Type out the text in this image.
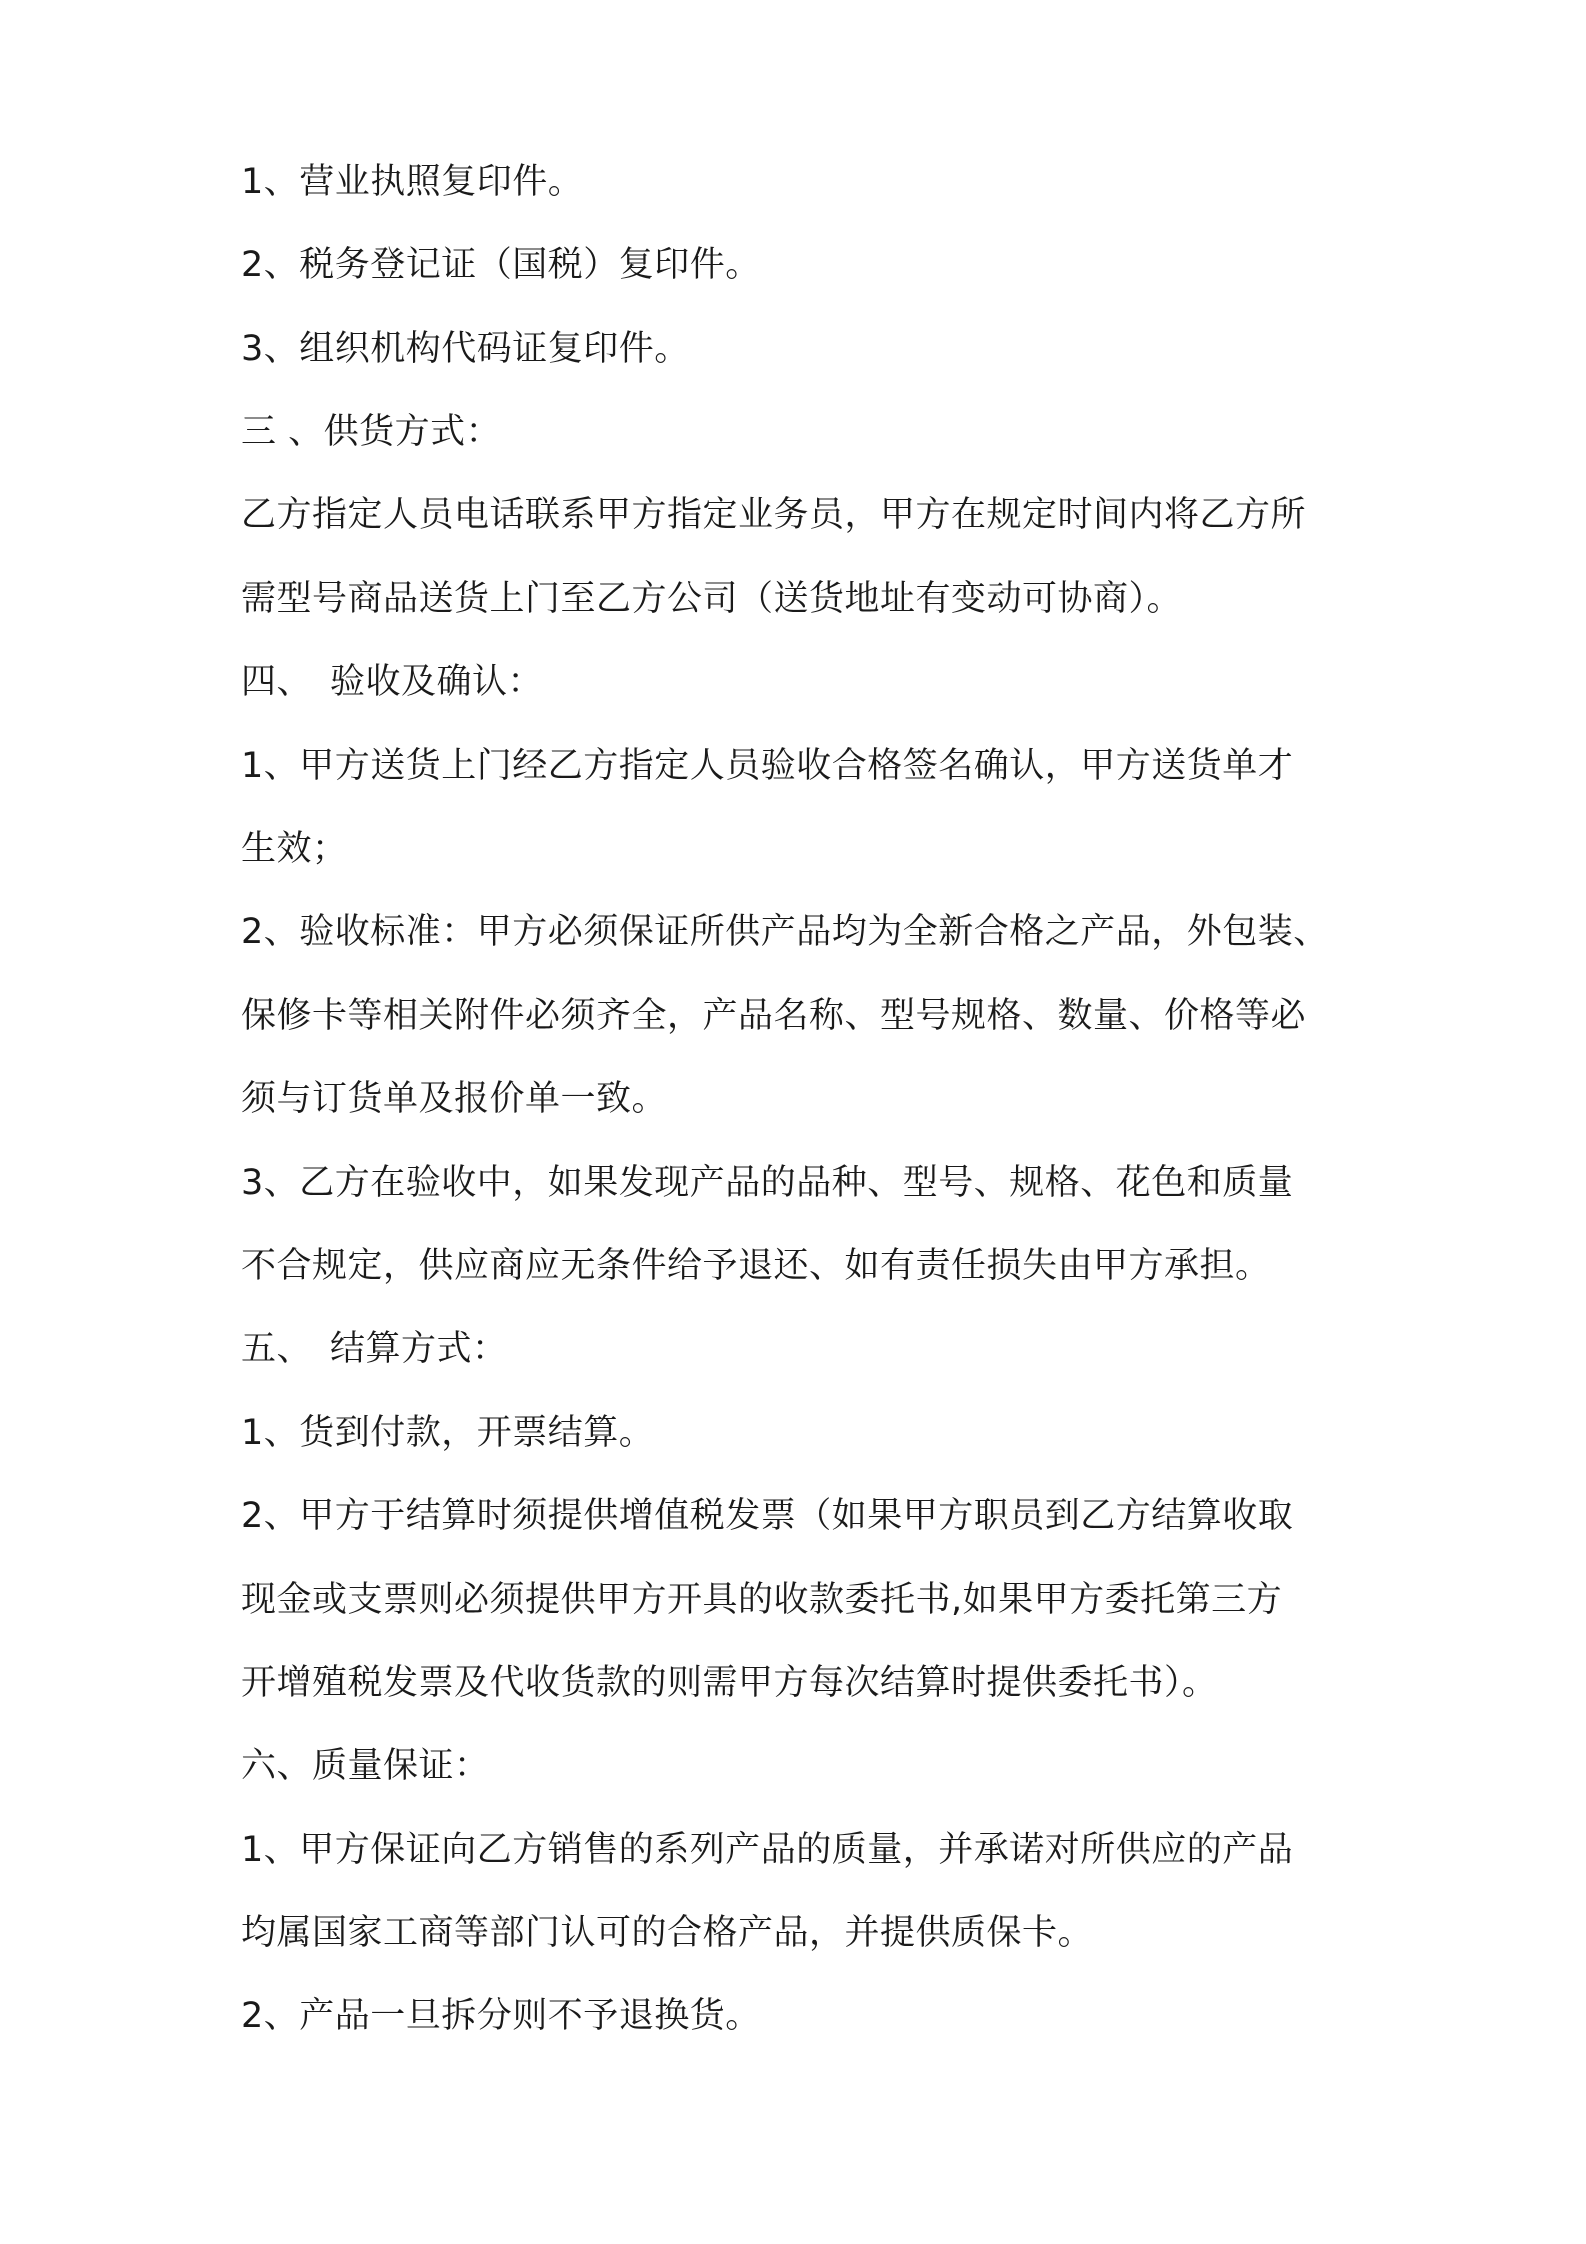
1、营业执照复印件。
2、税务登记证（国税）复印件。
3、组织机构代码证复印件。
三 、供货方式：
乙方指定人员电话联系甲方指定业务员，甲方在规定时间内将乙方所
需型号商品送货上门至乙方公司（送货地址有变动可协商）。
四、　验收及确认：
1、甲方送货上门经乙方指定人员验收合格签名确认，甲方送货单才
生效；
2、验收标准：甲方必须保证所供产品均为全新合格之产品，外包装、
保修卡等相关附件必须齐全，产品名称、型号规格、数量、价格等必
须与订货单及报价单一致。
3、乙方在验收中，如果发现产品的品种、型号、规格、花色和质量
不合规定，供应商应无条件给予退还、如有责任损失由甲方承担。
五、　结算方式：
1、货到付款，开票结算。
2、甲方于结算时须提供增值税发票（如果甲方职员到乙方结算收取
现金或支票则必须提供甲方开具的收款委托书,如果甲方委托第三方
开增殖税发票及代收货款的则需甲方每次结算时提供委托书）。
六、质量保证：
1、甲方保证向乙方销售的系列产品的质量，并承诺对所供应的产品
均属国家工商等部门认可的合格产品，并提供质保卡。
2、产品一旦拆分则不予退换货。
